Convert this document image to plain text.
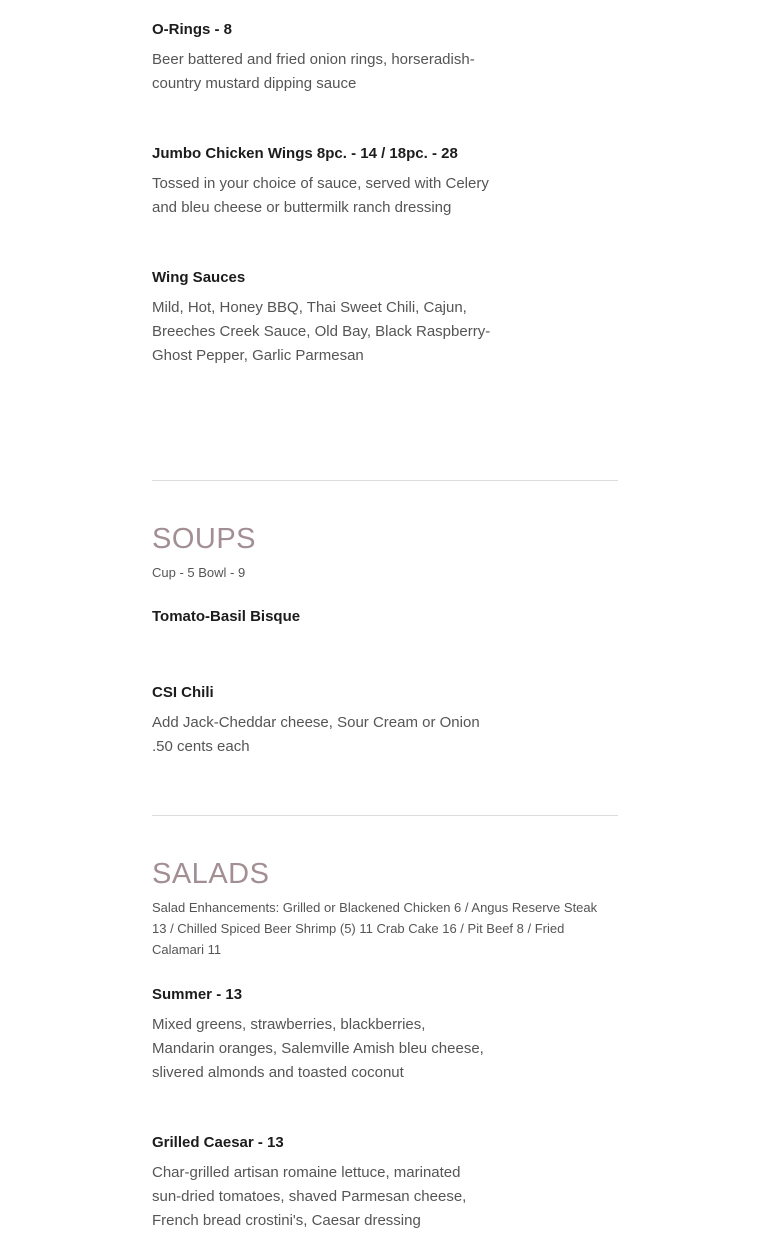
O-Rings - 8

Beer battered and fried onion rings, horseradish-country mustard dipping sauce

Jumbo Chicken Wings 8pc. - 14 / 18pc. - 28

Tossed in your choice of sauce, served with Celery and bleu cheese or buttermilk ranch dressing

Wing Sauces

Mild, Hot, Honey BBQ, Thai Sweet Chili, Cajun, Breeches Creek Sauce, Old Bay, Black Raspberry-Ghost Pepper, Garlic Parmesan

SOUPS

Cup - 5 Bowl - 9

Tomato-Basil Bisque
CSI Chili

Add Jack-Cheddar cheese, Sour Cream or Onion .50 cents each

SALADS

Salad Enhancements: Grilled or Blackened Chicken 6 / Angus Reserve Steak 13 / Chilled Spiced Beer Shrimp (5) 11 Crab Cake 16 / Pit Beef 8 / Fried Calamari 11

Summer - 13

Mixed greens, strawberries, blackberries, Mandarin oranges, Salemville Amish bleu cheese, slivered almonds and toasted coconut

Grilled Caesar - 13

Char-grilled artisan romaine lettuce, marinated sun-dried tomatoes, shaved Parmesan cheese, French bread crostini's, Caesar dressing
